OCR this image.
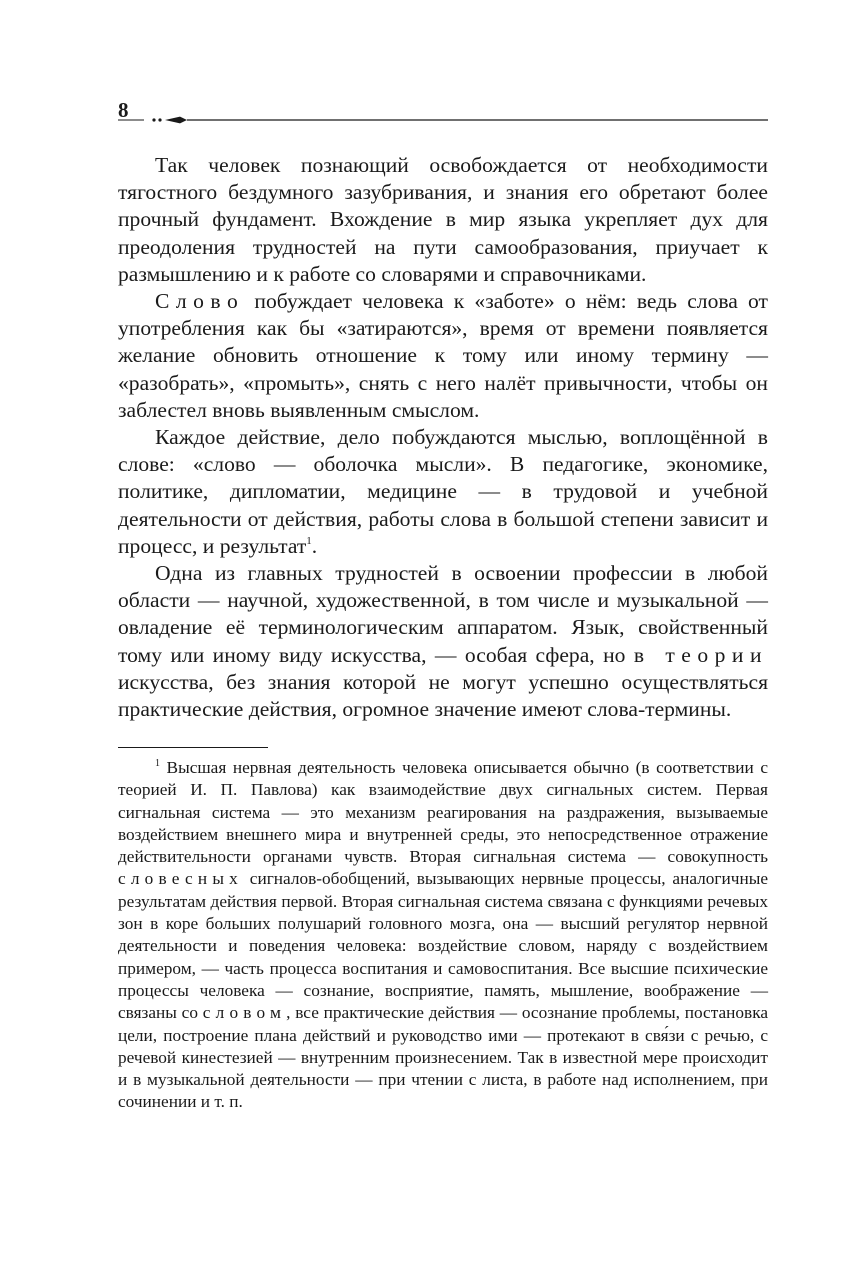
8

Так человек познающий освобождается от необходимости тягостного бездумного зазубривания, и знания его обретают более прочный фундамент. Вхождение в мир языка укрепляет дух для преодоления трудностей на пути самообразования, приучает к размышлению и к работе со словарями и справочниками.

Слово побуждает человека к «заботе» о нём: ведь слова от употребления как бы «затираются», время от времени появляется желание обновить отношение к тому или иному термину — «разобрать», «промыть», снять с него налёт привычности, чтобы он заблестел вновь выявленным смыслом.

Каждое действие, дело побуждаются мыслью, воплощённой в слове: «слово — оболочка мысли». В педагогике, экономике, политике, дипломатии, медицине — в трудовой и учебной деятельности от действия, работы слова в большой степени зависит и процесс, и результат$^1$.

Одна из главных трудностей в освоении профессии в любой области — научной, художественной, в том числе и музыкальной — овладение её терминологическим аппаратом. Язык, свойственный тому или иному виду искусства, — особая сфера, но в теории искусства, без знания которой не могут успешно осуществляться практические действия, огромное значение имеют слова-термины.

$^1$ Высшая нервная деятельность человека описывается обычно (в соответствии с теорией И. П. Павлова) как взаимодействие двух сигнальных систем. Первая сигнальная система — это механизм реагирования на раздражения, вызываемые воздействием внешнего мира и внутренней среды, это непосредственное отражение действительности органами чувств. Вторая сигнальная система — совокупность словесных сигналов-обобщений, вызывающих нервные процессы, аналогичные результатам действия первой. Вторая сигнальная система связана с функциями речевых зон в коре больших полушарий головного мозга, она — высший регулятор нервной деятельности и поведения человека: воздействие словом, наряду с воздействием примером, — часть процесса воспитания и самовоспитания. Все высшие психические процессы человека — сознание, восприятие, память, мышление, воображение — связаны со словом, все практические действия — осознание проблемы, постановка цели, построение плана действий и руководство ими — протекают в свя́зи с речью, с речевой кинестезией — внутренним произнесением. Так в известной мере происходит и в музыкальной деятельности — при чтении с листа, в работе над исполнением, при сочинении и т. п.
